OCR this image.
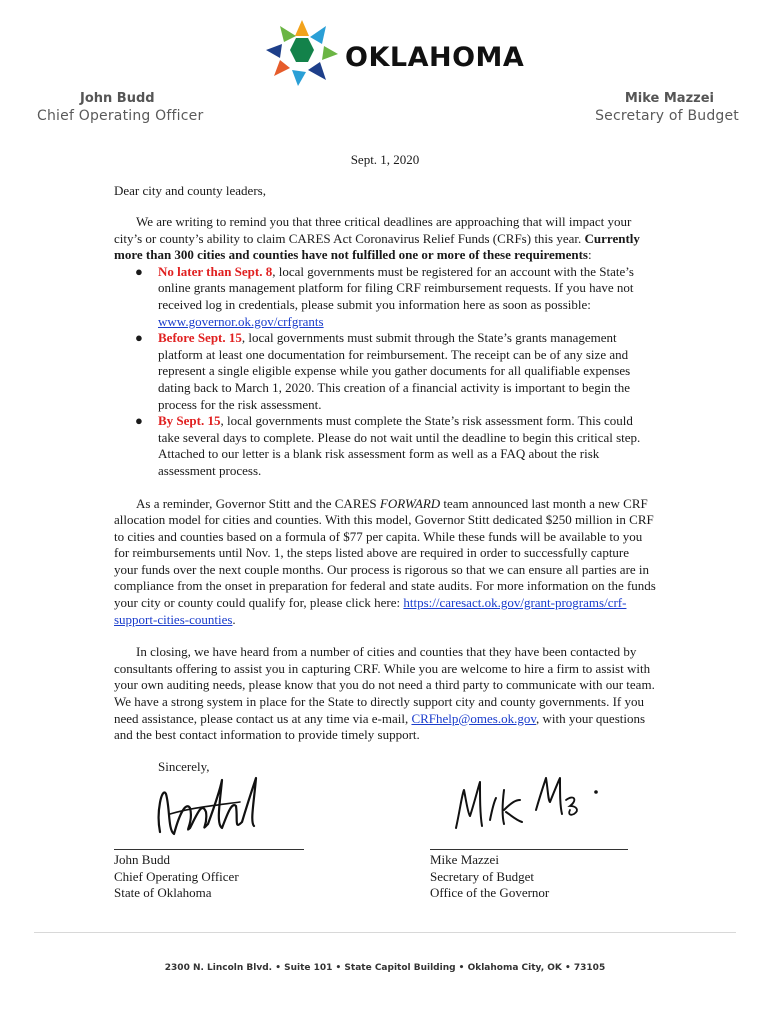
OKLAHOMA
John Budd
Chief Operating Officer
Mike Mazzei
Secretary of Budget
Sept. 1, 2020
Dear city and county leaders,

We are writing to remind you that three critical deadlines are approaching that will impact your city’s or county’s ability to claim CARES Act Coronavirus Relief Funds (CRFs) this year. Currently more than 300 cities and counties have not fulfilled one or more of these requirements:

● No later than Sept. 8, local governments must be registered for an account with the State’s online grants management platform for filing CRF reimbursement requests. If you have not received log in credentials, please submit you information here as soon as possible: www.governor.ok.gov/crfgrants
● Before Sept. 15, local governments must submit through the State’s grants management platform at least one documentation for reimbursement. The receipt can be of any size and represent a single eligible expense while you gather documents for all qualifiable expenses dating back to March 1, 2020. This creation of a financial activity is important to begin the process for the risk assessment.
● By Sept. 15, local governments must complete the State’s risk assessment form. This could take several days to complete. Please do not wait until the deadline to begin this critical step. Attached to our letter is a blank risk assessment form as well as a FAQ about the risk assessment process.

As a reminder, Governor Stitt and the CARES FORWARD team announced last month a new CRF allocation model for cities and counties. With this model, Governor Stitt dedicated $250 million in CRF to cities and counties based on a formula of $77 per capita. While these funds will be available to you for reimbursements until Nov. 1, the steps listed above are required in order to successfully capture your funds over the next couple months. Our process is rigorous so that we can ensure all parties are in compliance from the onset in preparation for federal and state audits. For more information on the funds your city or county could qualify for, please click here: https://caresact.ok.gov/grant-programs/crf-support-cities-counties.

In closing, we have heard from a number of cities and counties that they have been contacted by consultants offering to assist you in capturing CRF. While you are welcome to hire a firm to assist with your own auditing needs, please know that you do not need a third party to communicate with our team. We have a strong system in place for the State to directly support city and county governments. If you need assistance, please contact us at any time via e-mail, CRFhelp@omes.ok.gov, with your questions and the best contact information to provide timely support.

Sincerely,
John Budd
Chief Operating Officer
State of Oklahoma
Mike Mazzei
Secretary of Budget
Office of the Governor
2300 N. Lincoln Blvd. • Suite 101 • State Capitol Building • Oklahoma City, OK • 73105
